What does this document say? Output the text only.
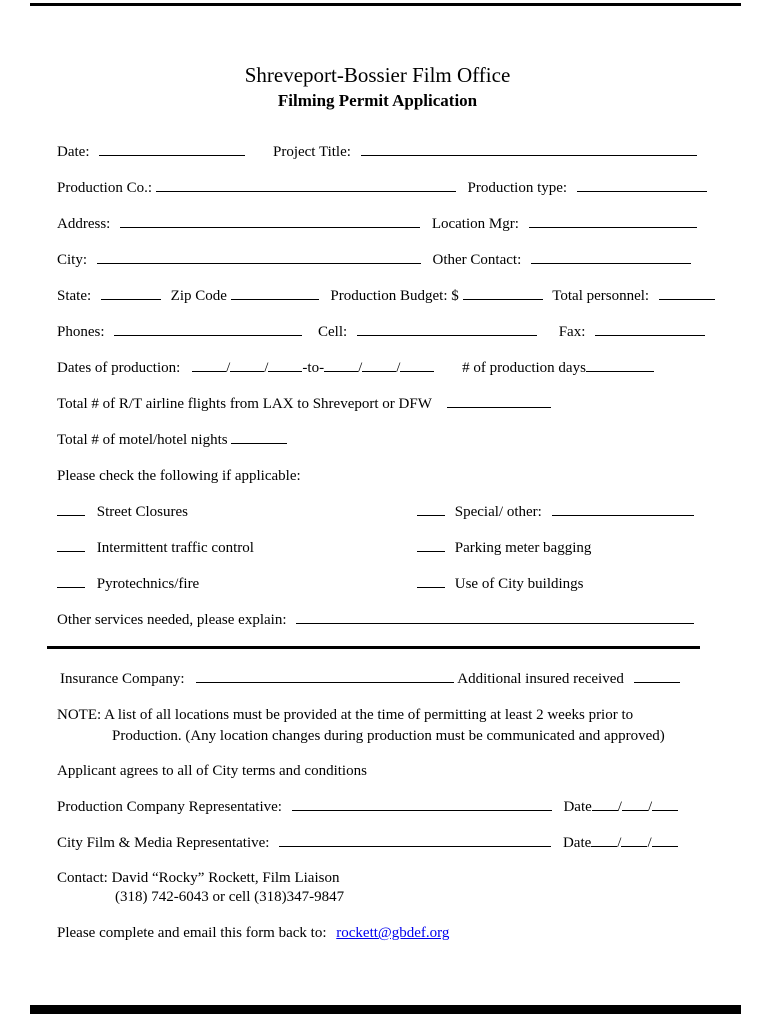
Shreveport-Bossier Film Office
Filming Permit Application
Date:	Project Title:
Production Co.:	Production type:
Address:	Location Mgr:
City:	Other Contact:
State:	Zip Code	Production Budget: $	Total personnel:
Phones:	Cell:	Fax:
Dates of production:	/ / -to- / /	# of production days
Total # of R/T airline flights from LAX to Shreveport or DFW
Total # of motel/hotel nights
Please check the following if applicable:
Street Closures	Special/ other:
Intermittent traffic control	Parking meter bagging
Pyrotechnics/fire	Use of City buildings
Other services needed, please explain:
Insurance Company:	Additional insured received
NOTE: A list of all locations must be provided at the time of permitting at least 2 weeks prior to
Production. (Any location changes during production must be communicated and approved)
Applicant agrees to all of City terms and conditions
Production Company Representative:	Date / /
City Film & Media Representative:	Date / /
Contact: David “Rocky” Rockett, Film Liaison
(318) 742-6043 or cell (318)347-9847
Please complete and email this form back to: rockett@gbdef.org
